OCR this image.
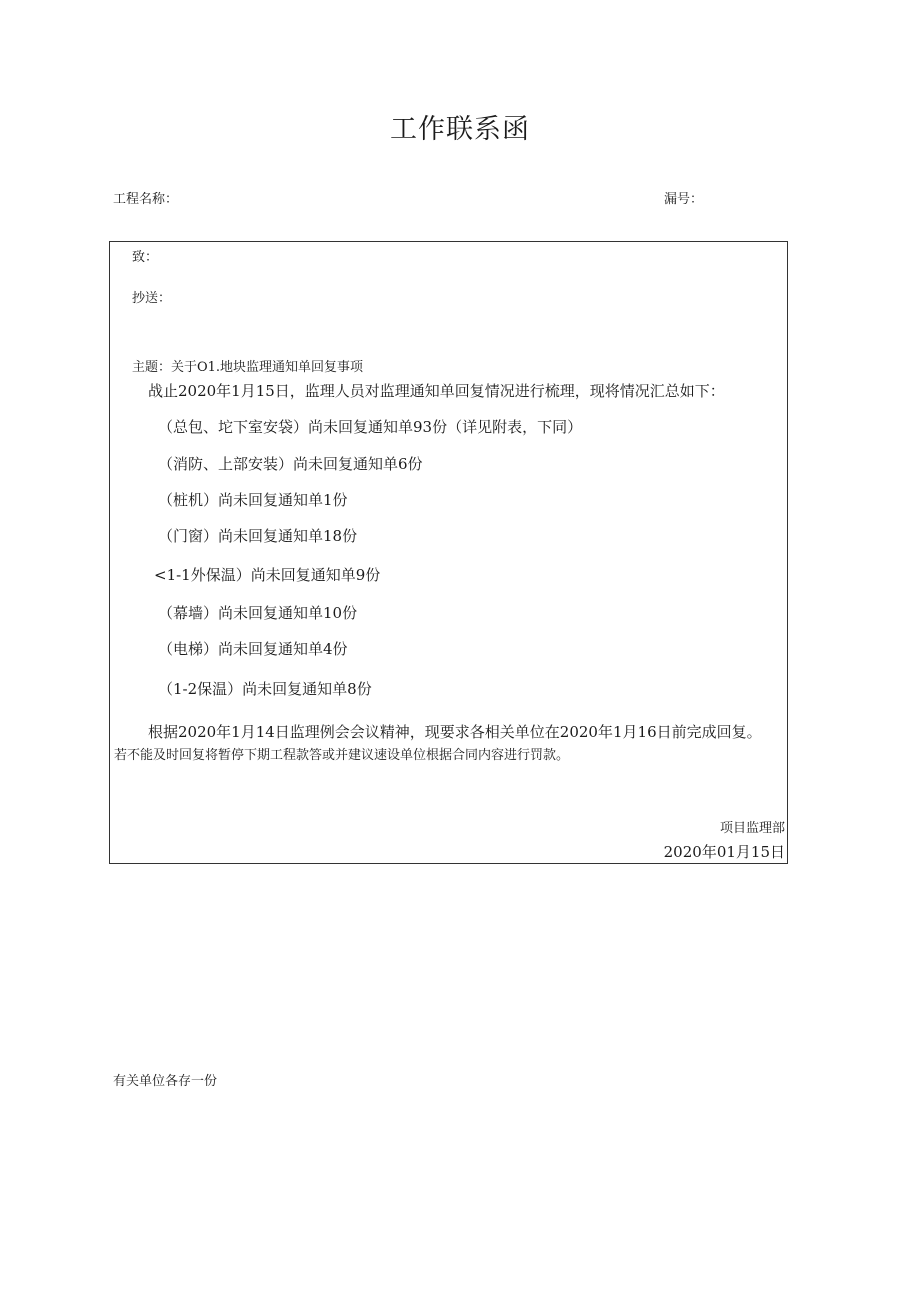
工作联系函
工程名称：	漏号：
致：
抄送：
主题：关于O1.地块监理通知单回复事项
战止2020年1月15日，监理人员对监理通知单回复情况进行梳理，现将情况汇总如下：
（总包、坨下室安袋）尚未回复通知单93份（详见附表，下同）
（消防、上部安装）尚未回复通知单6份
（桩机）尚未回复通知单1份
（门窗）尚未回复通知单18份
<1-1外保温）尚未回复通知单9份
（幕墙）尚未回复通知单10份
（电梯）尚未回复通知单4份
（1-2保温）尚未回复通知单8份
根据2020年1月14日监理例会会议精神，现要求各相关单位在2020年1月16日前完成回复。
若不能及时回复将暂停下期工程款答或并建议速设单位根据合同内容进行罚款。
项目监理部
2020年01月15日
有关单位各存一份
